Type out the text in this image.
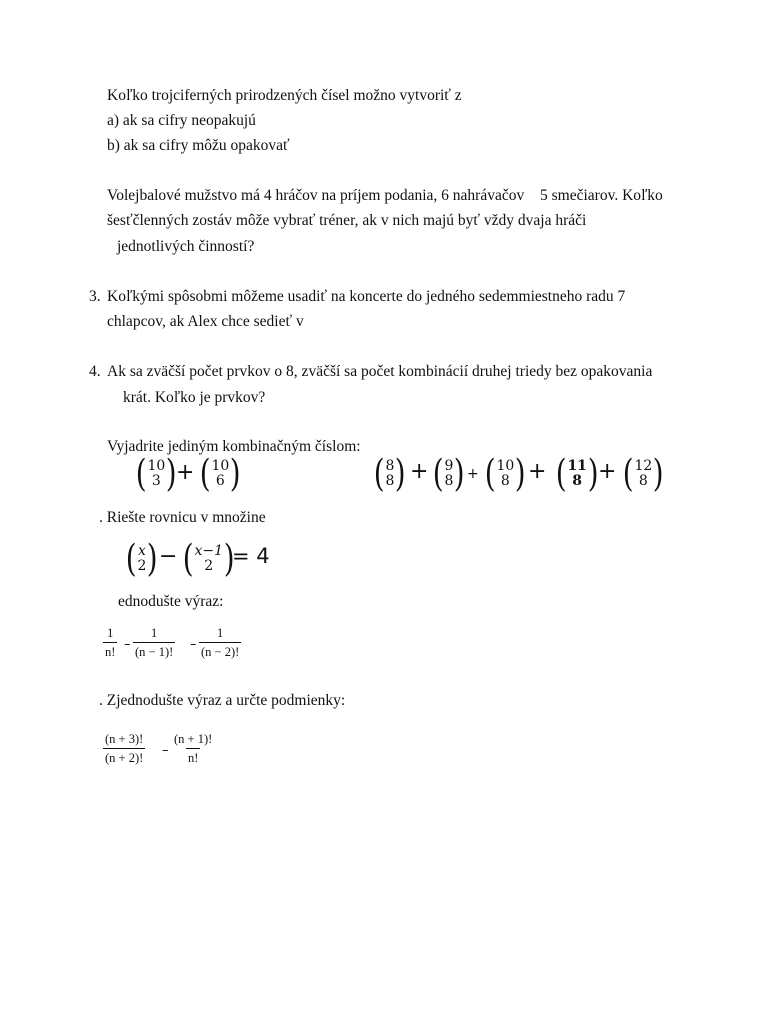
Koľko trojciferných prirodzených čísel možno vytvoriť z
a) ak sa cifry neopakujú
b) ak sa cifry môžu opakovať
Volejbalové mužstvo má 4 hráčov na príjem podania, 6 nahrávačov 5 smečiarov. Koľko
šesťčlenných zostáv môže vybrať tréner, ak v nich majú byť vždy dvaja hráči
jednotlivých činností?
3. Koľkými spôsobmi môžeme usadiť na koncerte do jedného sedemmiestneho radu 7
chlapcov, ak Alex chce sedieť v
4. Ak sa zväčší počet prvkov o 8, zväčší sa počet kombinácií druhej triedy bez opakovania
krát. Koľko je prvkov?
Vyjadrite jediným kombinačným číslom:
( 10
3 ) + ( 10
6 )	( 8
8 ) + ( 9
8 ) + ( 10
8 ) + ( 11
8 ) + ( 12
8 )
. Riešte rovnicu v množine
( x
2 ) − ( x−1
2 )
= 4
ednodušte výraz:
$\frac{1}{n!} - \frac{1}{(n - 1)!} - \frac{1}{(n - 2)!}$
. Zjednodušte výraz a určte podmienky:
$\frac{(n + 3)!}{(n + 2)!} - \frac{(n + 1)!}{n!}$
